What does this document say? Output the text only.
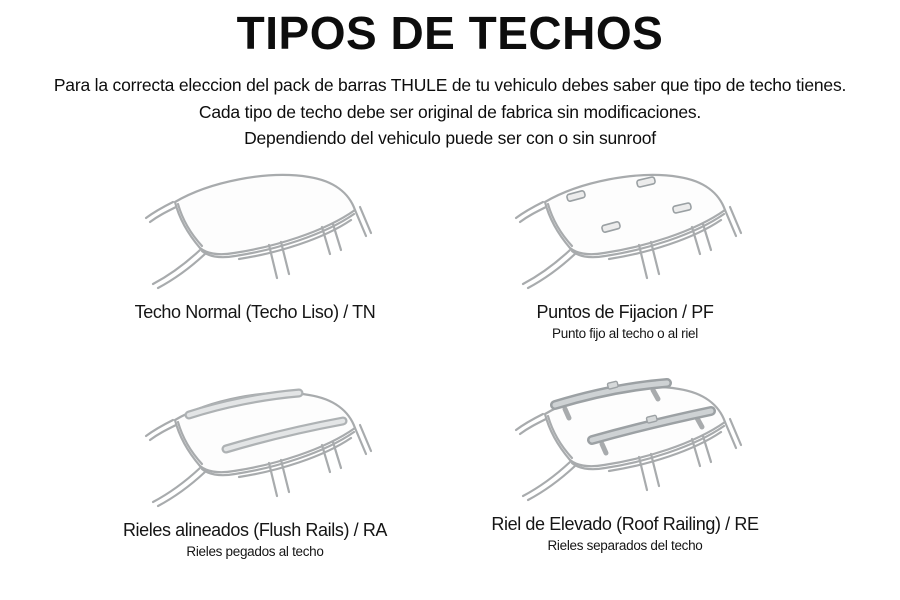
TIPOS DE TECHOS

Para la correcta eleccion del pack de barras THULE de tu vehiculo debes saber que tipo de techo tienes.

Cada tipo de techo debe ser original de fabrica sin modificaciones.

Dependiendo del vehiculo puede ser con o sin sunroof

Techo Normal (Techo Liso) / TN	Puntos de Fijacion / PF
Punto fijo al techo o al riel
Rieles alineados (Flush Rails) / RA
Rieles pegados al techo
Riel de Elevado (Roof Railing) / RE
Rieles separados del techo
